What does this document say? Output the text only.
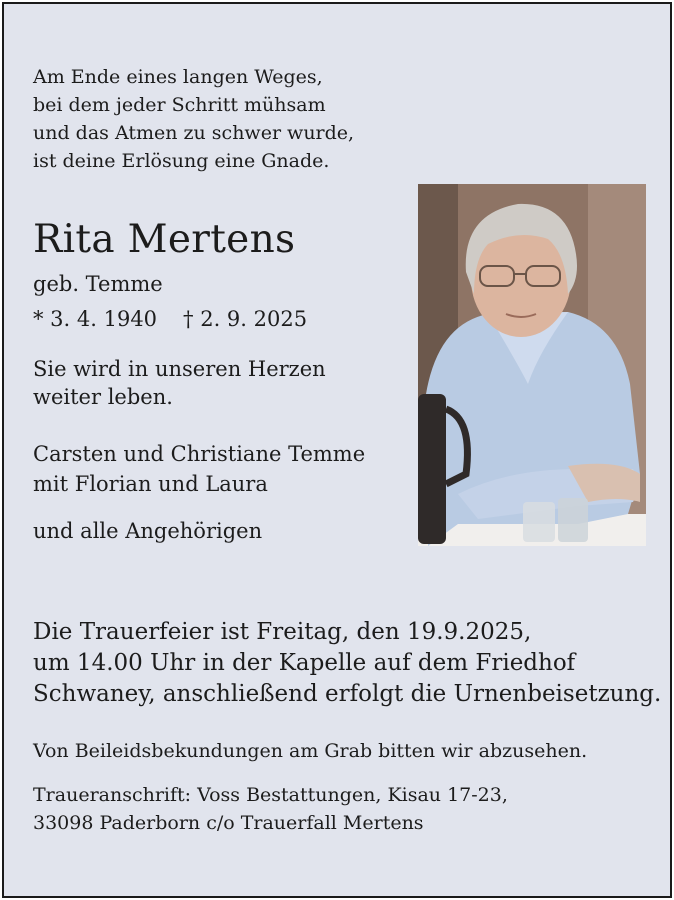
Am Ende eines langen Weges,
bei dem jeder Schritt mühsam
und das Atmen zu schwer wurde,
ist deine Erlösung eine Gnade.
Rita Mertens
geb. Temme
* 3. 4. 1940 † 2. 9. 2025
Sie wird in unseren Herzen
weiter leben.
Carsten und Christiane Temme
mit Florian und Laura
und alle Angehörigen
Die Trauerfeier ist Freitag, den 19.9.2025,
um 14.00 Uhr in der Kapelle auf dem Friedhof
Schwaney, anschließend erfolgt die Urnenbeisetzung.
Von Beileidsbekundungen am Grab bitten wir abzusehen.
Traueranschrift: Voss Bestattungen, Kisau 17-23,
33098 Paderborn c/o Trauerfall Mertens
